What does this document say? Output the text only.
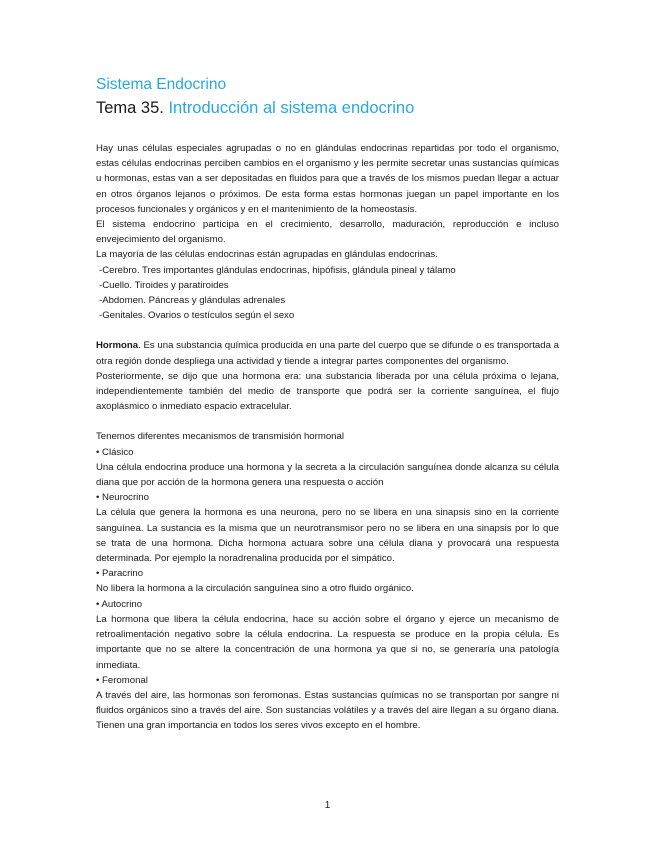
Sistema Endocrino
Tema 35. Introducción al sistema endocrino

Hay unas células especiales agrupadas o no en glándulas endocrinas repartidas por todo el organismo, estas células endocrinas perciben cambios en el organismo y les permite secretar unas sustancias químicas u hormonas, estas van a ser depositadas en fluidos para que a través de los mismos puedan llegar a actuar en otros órganos lejanos o próximos. De esta forma estas hormonas juegan un papel importante en los procesos funcionales y orgánicos y en el mantenimiento de la homeostasis.

El sistema endocrino participa en el crecimiento, desarrollo, maduración, reproducción e incluso envejecimiento del organismo.

La mayoría de las células endocrinas están agrupadas en glándulas endocrinas.

-Cerebro. Tres importantes glándulas endocrinas, hipófisis, glándula pineal y tálamo

-Cuello. Tiroides y paratiroides

-Abdomen. Páncreas y glándulas adrenales

-Genitales. Ovarios o testículos según el sexo

Hormona. Es una substancia química producida en una parte del cuerpo que se difunde o es transportada a otra región donde despliega una actividad y tiende a integrar partes componentes del organismo.

Posteriormente, se dijo que una hormona era: una substancia liberada por una célula próxima o lejana, independientemente también del medio de transporte que podrá ser la corriente sanguínea, el flujo axoplásmico o inmediato espacio extracelular.

Tenemos diferentes mecanismos de transmisión hormonal

• Clásico

Una célula endocrina produce una hormona y la secreta a la circulación sanguínea donde alcanza su célula diana que por acción de la hormona genera una respuesta o acción

• Neurocrino

La célula que genera la hormona es una neurona, pero no se libera en una sinapsis sino en la corriente sanguínea. La sustancia es la misma que un neurotransmisor pero no se libera en una sinapsis por lo que se trata de una hormona. Dicha hormona actuara sobre una célula diana y provocará una respuesta determinada. Por ejemplo la noradrenalina producida por el simpático.

• Paracrino

No libera la hormona a la circulación sanguínea sino a otro fluido orgánico.

• Autocrino

La hormona que libera la célula endocrina, hace su acción sobre el órgano y ejerce un mecanismo de retroalimentación negativo sobre la célula endocrina. La respuesta se produce en la propia célula. Es importante que no se altere la concentración de una hormona ya que si no, se generaría una patología inmediata.

• Feromonal

A través del aire, las hormonas son feromonas. Estas sustancias químicas no se transportan por sangre ni fluidos orgánicos sino a través del aire. Son sustancias volátiles y a través del aire llegan a su órgano diana. Tienen una gran importancia en todos los seres vivos excepto en el hombre.

1
